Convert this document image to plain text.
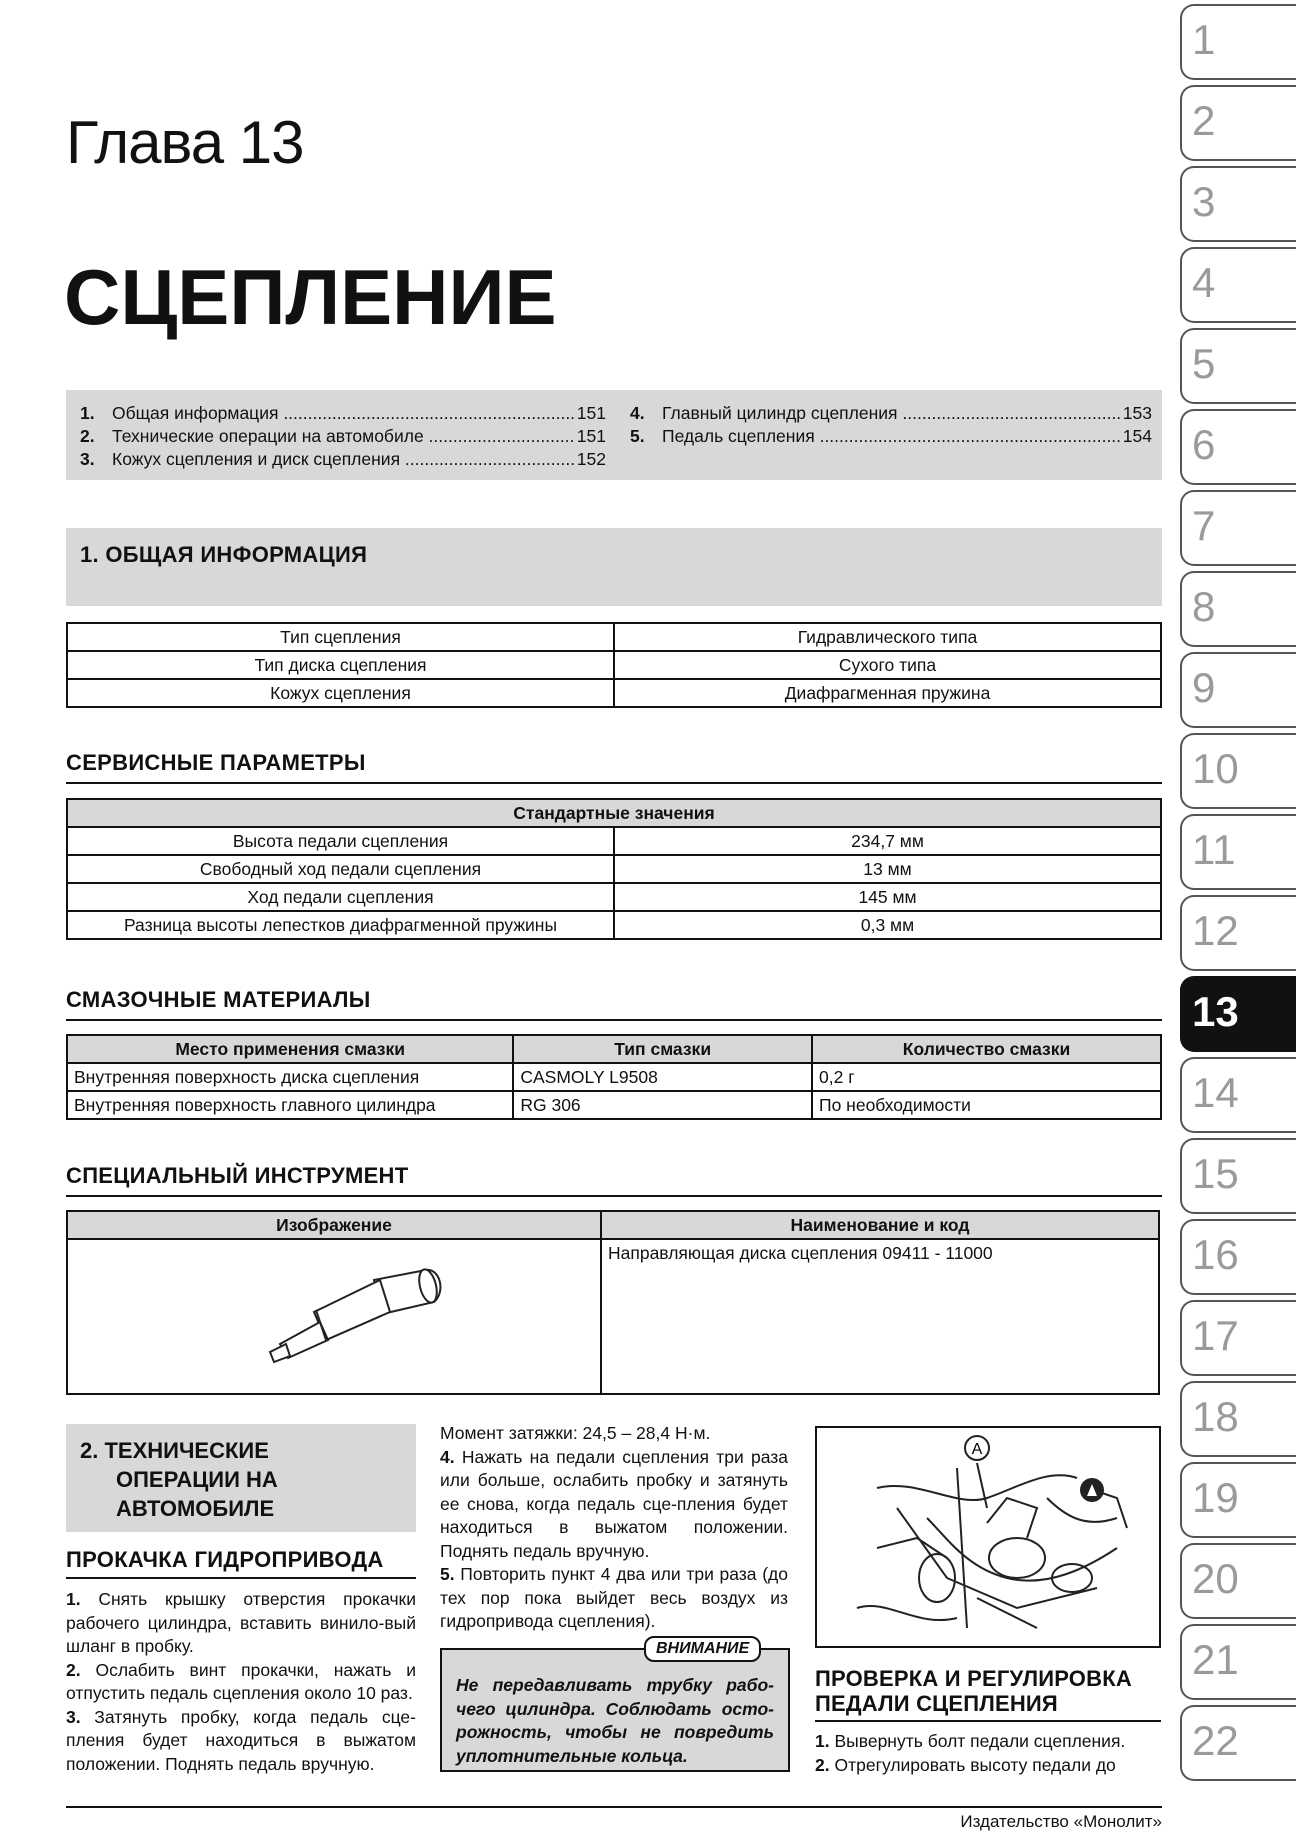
Глава 13
СЦЕПЛЕНИЕ
1. Общая информация .....	151
2. Технические операции на автомобиле .....	151
3. Кожух сцепления и диск сцепления .....	152
4. Главный цилиндр сцепления .....	153
5. Педаль сцепления .....	154
1. ОБЩАЯ ИНФОРМАЦИЯ
Тип сцепления	Гидравлического типа
Тип диска сцепления	Сухого типа
Кожух сцепления	Диафрагменная пружина
СЕРВИСНЫЕ ПАРАМЕТРЫ
Стандартные значения	
Высота педали сцепления	234,7 мм
Свободный ход педали сцепления	13 мм
Ход педали сцепления	145 мм
Разница высоты лепестков диафрагменной пружины	0,3 мм
СМАЗОЧНЫЕ МАТЕРИАЛЫ
Место применения смазки	Тип смазки	Количество смазки
Внутренняя поверхность диска сцепления	CASMOLY L9508	0,2 г
Внутренняя поверхность главного цилиндра	RG 306	По необходимости
СПЕЦИАЛЬНЫЙ ИНСТРУМЕНТ
Изображение	Наименование и код
	Направляющая диска сцепления 09411 - 11000
2. ТЕХНИЧЕСКИЕ
ОПЕРАЦИИ НА
АВТОМОБИЛЕ
ПРОКАЧКА ГИДРОПРИВОДА
1. Снять крышку отверстия прокачки рабочего цилиндра, вставить винило-вый шланг в пробку.
2. Ослабить винт прокачки, нажать и отпустить педаль сцепления около 10 раз.
3. Затянуть пробку, когда педаль сце-пления будет находиться в выжатом положении. Поднять педаль вручную.
Момент затяжки: 24,5 – 28,4 Н·м.
4. Нажать на педали сцепления три раза или больше, ослабить пробку и затянуть ее снова, когда педаль сце-пления будет находиться в выжатом положении. Поднять педаль вручную.
5. Повторить пункт 4 два или три раза (до тех пор пока выйдет весь воздух из гидропривода сцепления).
ВНИМАНИЕ
Не передавливать трубку рабо-чего цилиндра. Соблюдать осто-рожность, чтобы не повредить уплотнительные кольца.
A
ПРОВЕРКА И РЕГУЛИРОВКА
ПЕДАЛИ СЦЕПЛЕНИЯ
1. Вывернуть болт педали сцепления.
2. Отрегулировать высоту педали до
Издательство «Монолит»
1
2
3
4
5
6
7
8
9
10
11
12
13
14
15
16
17
18
19
20
21
22
